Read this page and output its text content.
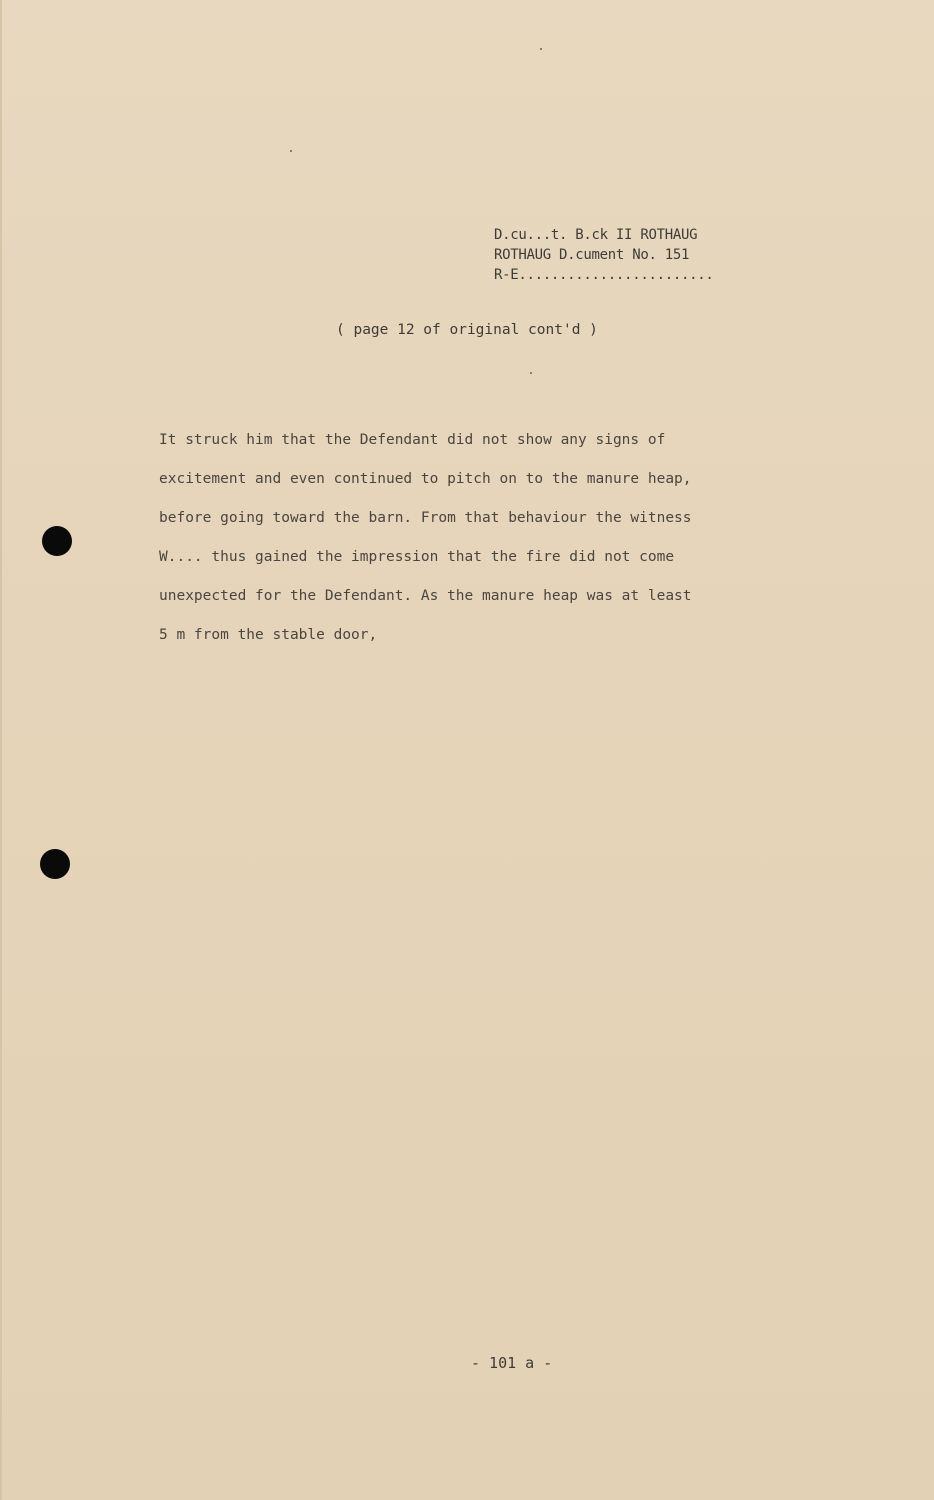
D.cu...t. B.ck II ROTHAUG
ROTHAUG D.cument No. 151
R-E........................
( page 12 of original cont'd )
It struck him that the Defendant did not show any signs of
excitement and even continued to pitch on to the manure heap,
before going toward the barn. From that behaviour the witness
W.... thus gained the impression that the fire did not come
unexpected for the Defendant. As the manure heap was at least
5 m from the stable door,
- 101 a -
